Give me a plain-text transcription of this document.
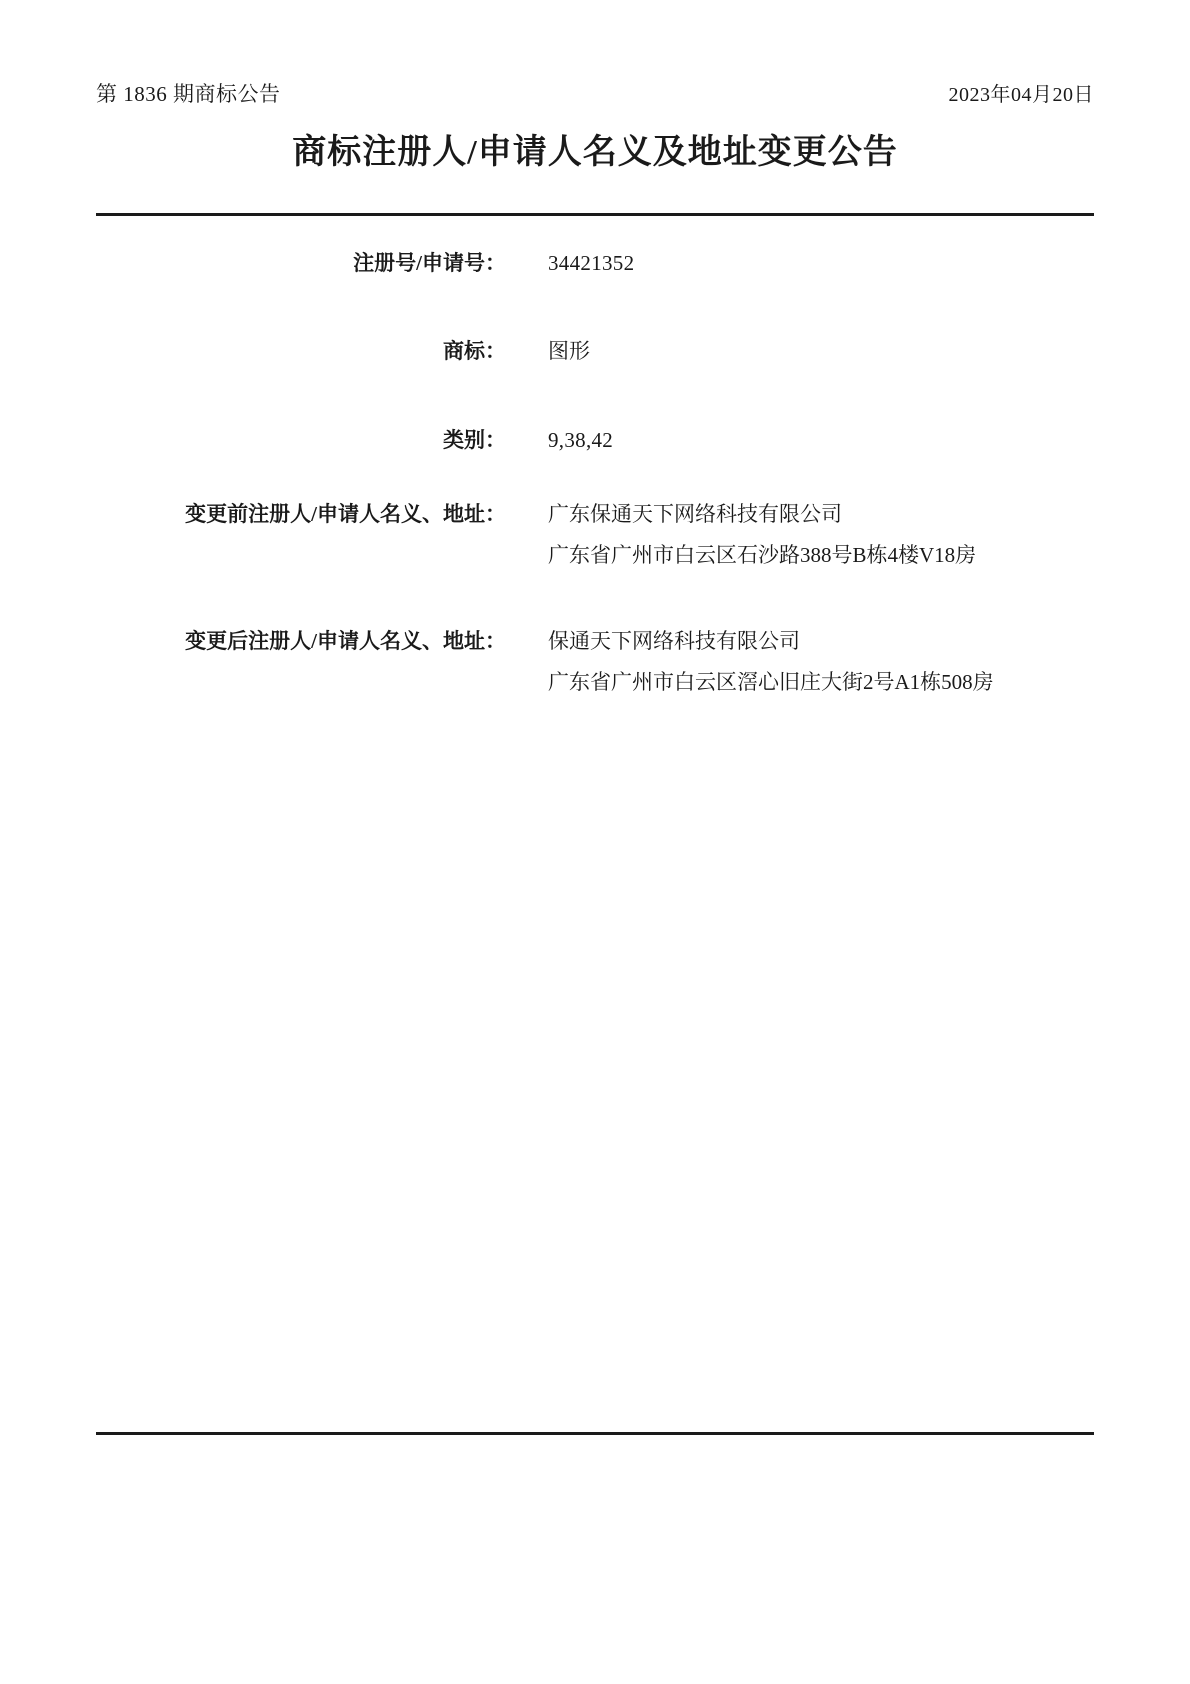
第 1836 期商标公告	2023年04月20日
商标注册人/申请人名义及地址变更公告
注册号/申请号： 34421352
商标： 图形
类别： 9,38,42
变更前注册人/申请人名义、地址： 广东保通天下网络科技有限公司
广东省广州市白云区石沙路388号B栋4楼V18房
变更后注册人/申请人名义、地址： 保通天下网络科技有限公司
广东省广州市白云区滘心旧庄大街2号A1栋508房
